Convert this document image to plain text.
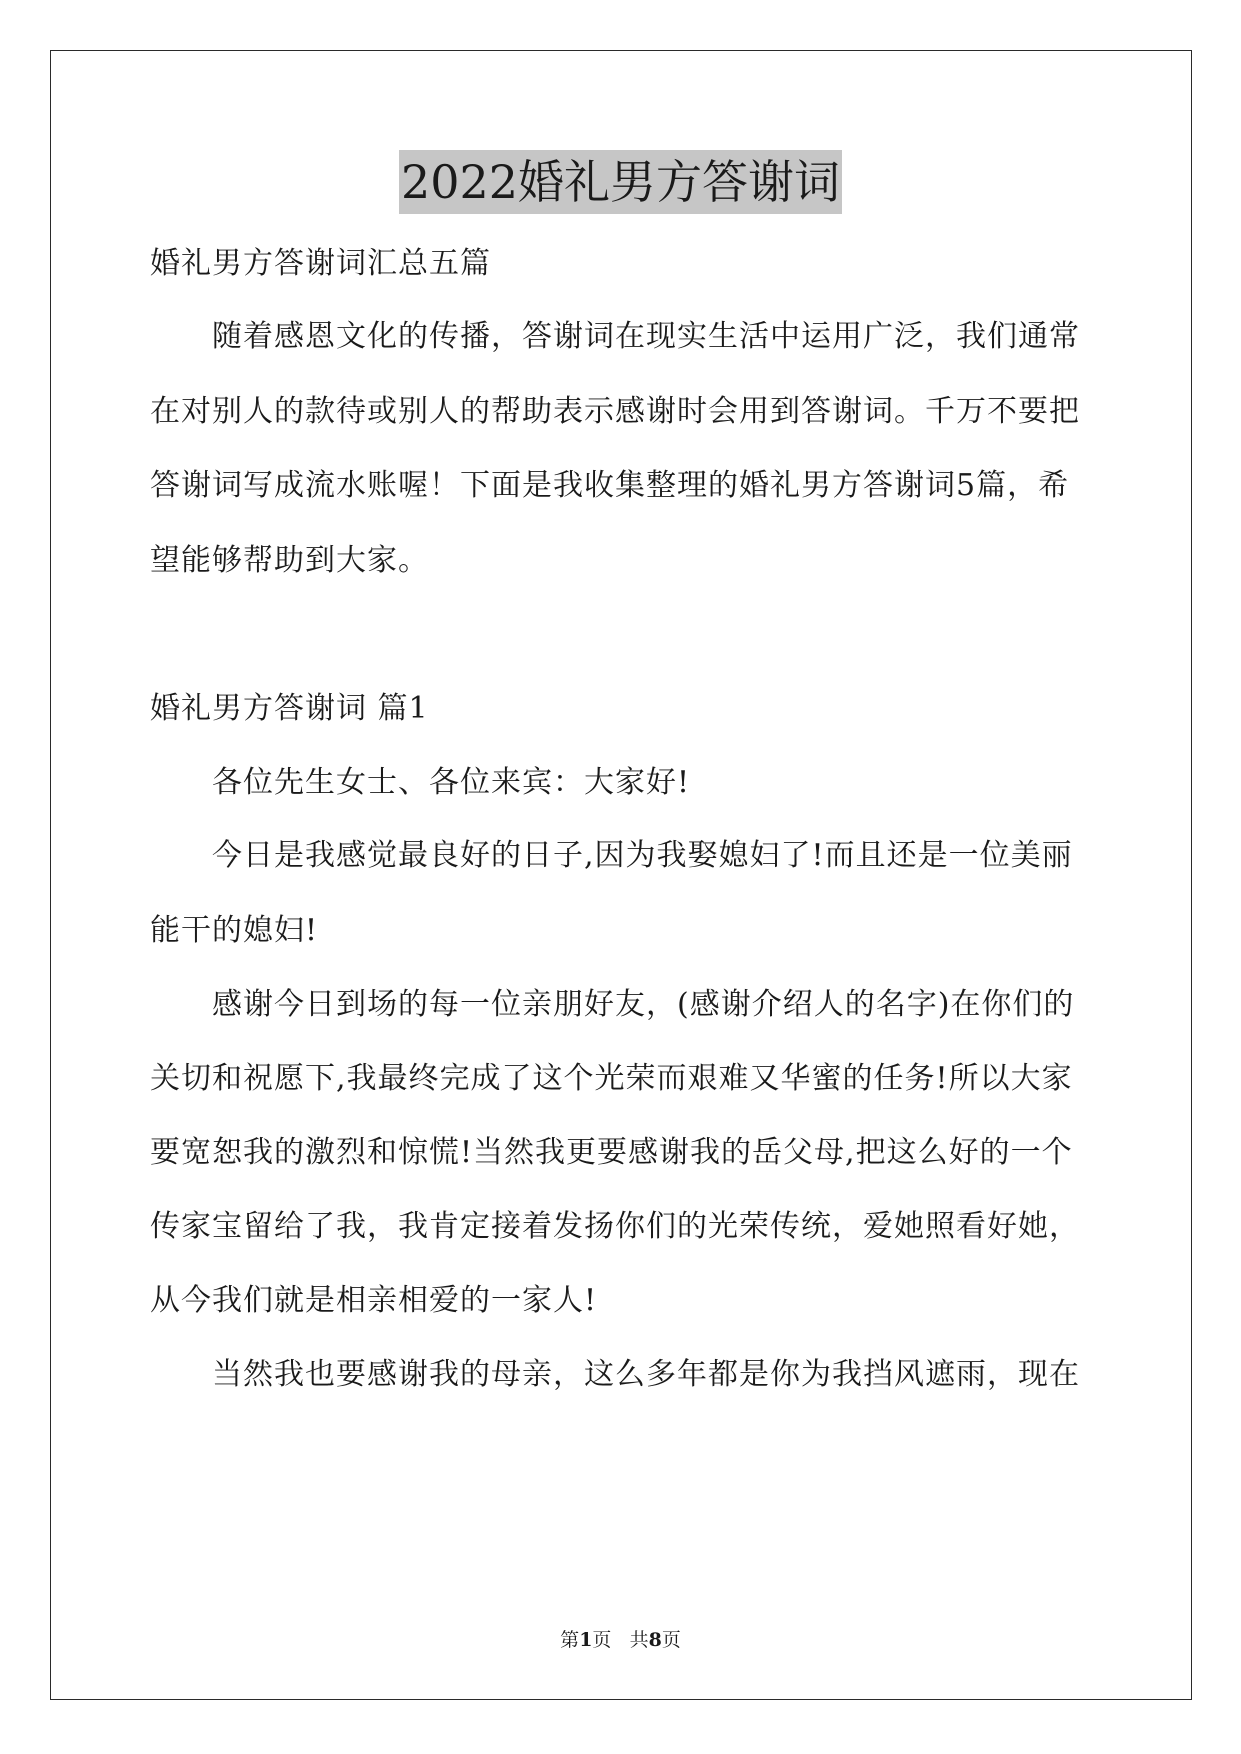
2022婚礼男方答谢词
婚礼男方答谢词汇总五篇
　　随着感恩文化的传播，答谢词在现实生活中运用广泛，我们通常
在对别人的款待或别人的帮助表示感谢时会用到答谢词。千万不要把
答谢词写成流水账喔！下面是我收集整理的婚礼男方答谢词5篇，希
望能够帮助到大家。
婚礼男方答谢词 篇1
　　各位先生女士、各位来宾：大家好!
　　今日是我感觉最良好的日子,因为我娶媳妇了!而且还是一位美丽
能干的媳妇!
　　感谢今日到场的每一位亲朋好友，(感谢介绍人的名字)在你们的
关切和祝愿下,我最终完成了这个光荣而艰难又华蜜的任务!所以大家
要宽恕我的激烈和惊慌!当然我更要感谢我的岳父母,把这么好的一个
传家宝留给了我，我肯定接着发扬你们的光荣传统，爱她照看好她，
从今我们就是相亲相爱的一家人!
　　当然我也要感谢我的母亲，这么多年都是你为我挡风遮雨，现在
第1页 共8页
